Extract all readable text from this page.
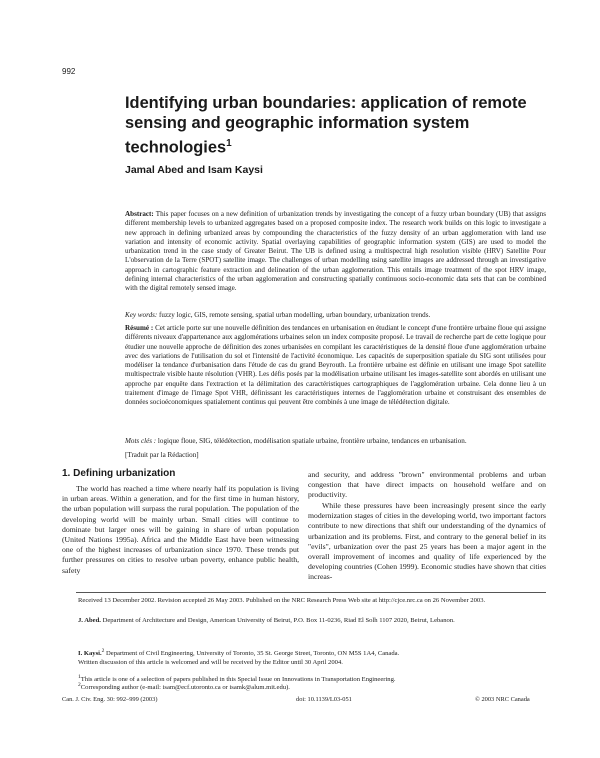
992
Identifying urban boundaries: application of remote sensing and geographic information system technologies$^1$
Jamal Abed and Isam Kaysi

Abstract: This paper focuses on a new definition of urbanization trends by investigating the concept of a fuzzy urban boundary (UB) that assigns different membership levels to urbanized aggregates based on a proposed composite index. The research work builds on this logic to investigate a new approach in defining urbanized areas by compounding the characteristics of the fuzzy density of an urban agglomeration with land use variation and intensity of economic activity. Spatial overlaying capabilities of geographic information system (GIS) are used to model the urbanization trend in the case study of Greater Beirut. The UB is defined using a multispectral high resolution visible (HRV) Satellite Pour L'observation de la Terre (SPOT) satellite image. The challenges of urban modelling using satellite images are addressed through an investigative approach in cartographic feature extraction and delineation of the urban agglomeration. This entails image treatment of the spot HRV image, defining internal characteristics of the urban agglomeration and constructing spatially continuous socio-economic data sets that can be combined with the digital remotely sensed image.

Key words: fuzzy logic, GIS, remote sensing, spatial urban modelling, urban boundary, urbanization trends.

Résumé : Cet article porte sur une nouvelle définition des tendances en urbanisation en étudiant le concept d'une frontière urbaine floue qui assigne différents niveaux d'appartenance aux agglomérations urbaines selon un index composite proposé. Le travail de recherche part de cette logique pour étudier une nouvelle approche de définition des zones urbanisées en compilant les caractéristiques de la densité floue d'une agglomération urbaine avec des variations de l'utilisation du sol et l'intensité de l'activité économique. Les capacités de superposition spatiale du SIG sont utilisées pour modéliser la tendance d'urbanisation dans l'étude de cas du grand Beyrouth. La frontière urbaine est définie en utilisant une image Spot satellite multispectrale visible haute résolution (VHR). Les défis posés par la modélisation urbaine utilisant les images-satellite sont abordés en utilisant une approche par enquête dans l'extraction et la délimitation des caractéristiques cartographiques de l'agglomération urbaine. Cela donne lieu à un traitement d'image de l'image Spot VHR, définissant les caractéristiques internes de l'agglomération urbaine et construisant des ensembles de données socioéconomiques spatialement continus qui peuvent être combinés à une image de télédétection digitale.

Mots clés : logique floue, SIG, télédétection, modélisation spatiale urbaine, frontière urbaine, tendances en urbanisation.

[Traduit par la Rédaction]

1. Defining urbanization

The world has reached a time where nearly half its population is living in urban areas. Within a generation, and for the first time in human history, the urban population will surpass the rural population. The population of the developing world will be mainly urban. Small cities will continue to dominate but larger ones will be gaining in share of urban population (United Nations 1995a). Africa and the Middle East have been witnessing one of the highest increases of urbanization since 1970. These trends put further pressures on cities to resolve urban poverty, enhance public health, safety

and security, and address "brown" environmental problems and urban congestion that have direct impacts on household welfare and on productivity.

While these pressures have been increasingly present since the early modernization stages of cities in the developing world, two important factors contribute to new directions that shift our understanding of the dynamics of urbanization and its problems. First, and contrary to the general belief in its "evils", urbanization over the past 25 years has been a major agent in the overall improvement of incomes and quality of life experienced by the developing countries (Cohen 1999). Economic studies have shown that cities increas-

Received 13 December 2002. Revision accepted 26 May 2003. Published on the NRC Research Press Web site at http://cjce.nrc.ca on 26 November 2003.

J. Abed. Department of Architecture and Design, American University of Beirut, P.O. Box 11-0236, Riad El Solh 1107 2020, Beirut, Lebanon.

I. Kaysi.$^2$ Department of Civil Engineering, University of Toronto, 35 St. George Street, Toronto, ON M5S 1A4, Canada.

Written discussion of this article is welcomed and will be received by the Editor until 30 April 2004.

$^1$This article is one of a selection of papers published in this Special Issue on Innovations in Transportation Engineering.

$^2$Corresponding author (e-mail: isam@ecf.utoronto.ca or isamk@alum.mit.edu).

Can. J. Civ. Eng. 30: 992–999 (2003)	doi: 10.1139/L03-051	© 2003 NRC Canada
